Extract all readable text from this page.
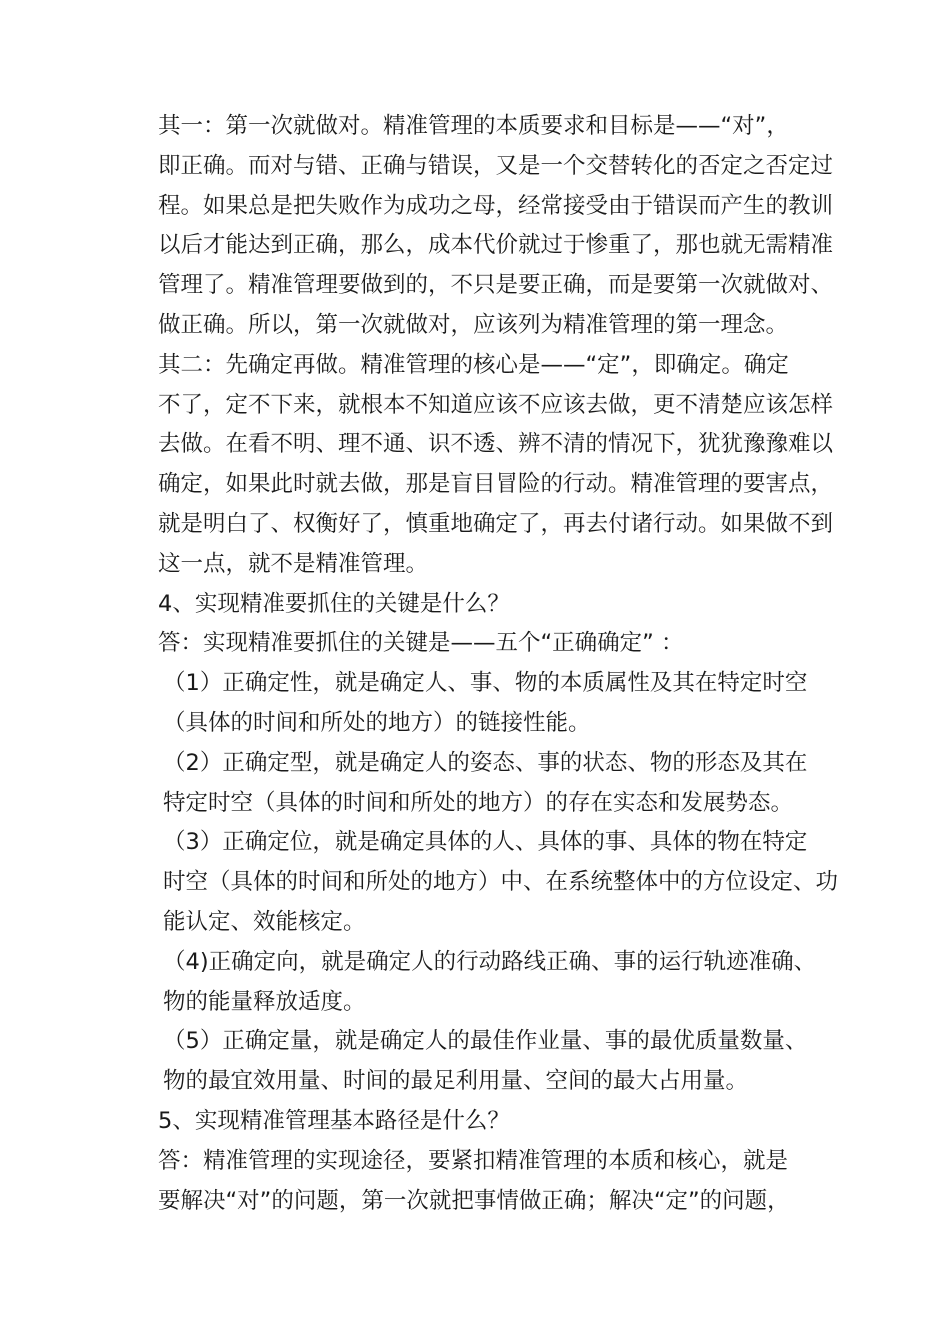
其一：第一次就做对。精准管理的本质要求和目标是——“对”，
即正确。而对与错、正确与错误，又是一个交替转化的否定之否定过
程。如果总是把失败作为成功之母，经常接受由于错误而产生的教训
以后才能达到正确，那么，成本代价就过于惨重了，那也就无需精准
管理了。精准管理要做到的，不只是要正确，而是要第一次就做对、
做正确。所以，第一次就做对，应该列为精准管理的第一理念。

其二：先确定再做。精准管理的核心是——“定”，即确定。确定
不了，定不下来，就根本不知道应该不应该去做，更不清楚应该怎样
去做。在看不明、理不通、识不透、辨不清的情况下，犹犹豫豫难以
确定，如果此时就去做，那是盲目冒险的行动。精准管理的要害点，
就是明白了、权衡好了，慎重地确定了，再去付诸行动。如果做不到
这一点，就不是精准管理。

4、实现精准要抓住的关键是什么？

答：实现精准要抓住的关键是——五个“正确确定” ：

（1）正确定性，就是确定人、事、物的本质属性及其在特定时空
（具体的时间和所处的地方）的链接性能。

（2）正确定型，就是确定人的姿态、事的状态、物的形态及其在
特定时空（具体的时间和所处的地方）的存在实态和发展势态。

（3）正确定位，就是确定具体的人、具体的事、具体的物在特定
时空（具体的时间和所处的地方）中、在系统整体中的方位设定、功
能认定、效能核定。

（4)正确定向，就是确定人的行动路线正确、事的运行轨迹准确、
物的能量释放适度。

（5）正确定量，就是确定人的最佳作业量、事的最优质量数量、
物的最宜效用量、时间的最足利用量、空间的最大占用量。

5、实现精准管理基本路径是什么？

答：精准管理的实现途径，要紧扣精准管理的本质和核心，就是
要解决“对”的问题，第一次就把事情做正确；解决“定”的问题，
